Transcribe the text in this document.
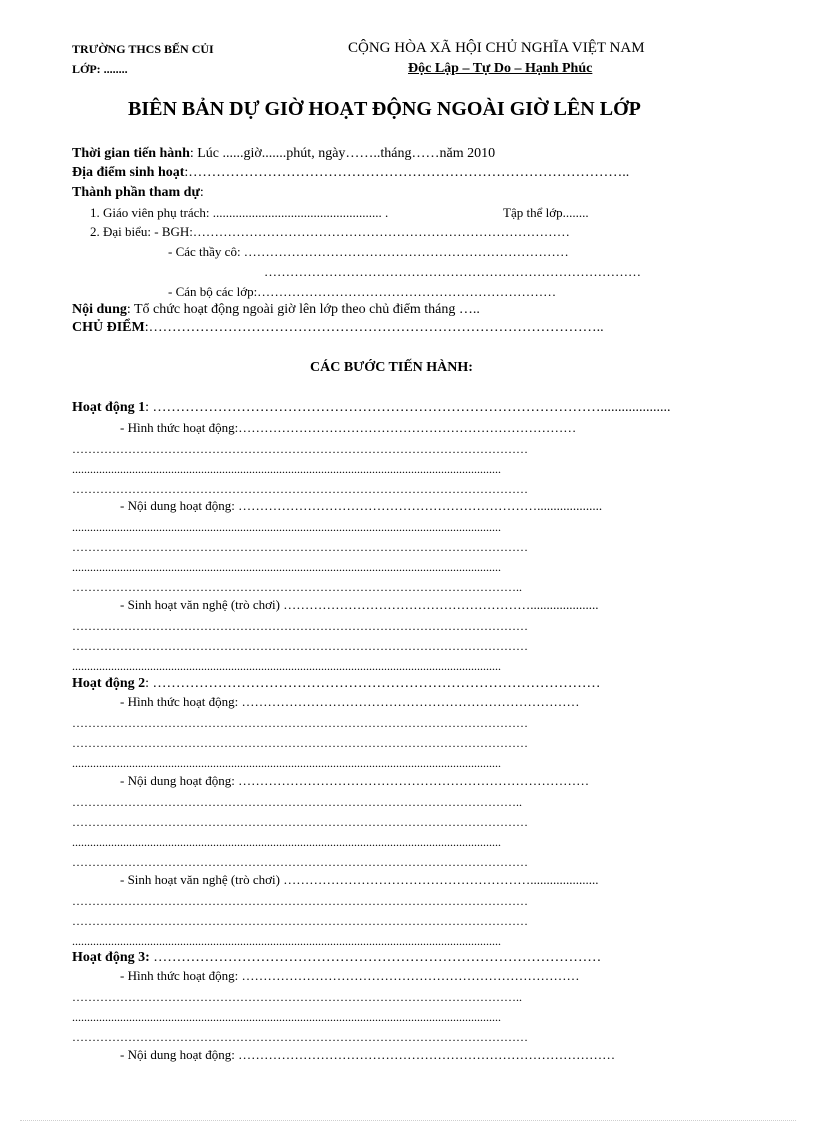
TRƯỜNG THCS BẾN CỦI
LỚP: ........
CỘNG HÒA XÃ HỘI CHỦ NGHĨA VIỆT NAM
Độc Lập – Tự Do – Hạnh Phúc
BIÊN BẢN DỰ GIỜ HOẠT ĐỘNG NGOÀI GIỜ LÊN LỚP
Thời gian tiến hành: Lúc ......giờ.......phút, ngày……..tháng……năm 2010
Địa điểm sinh hoạt:…………………………………………………………………………………..
Thành phần tham dự:
1. Giáo viên phụ trách: .................................................... .	Tập thể lớp........
2. Đại biểu: - BGH:……………………………………………………………………………
- Các thầy cô: …………………………………………………………………
……………………………………………………………………………
- Cán bộ các lớp:……………………………………………………………
Nội dung: Tổ chức hoạt động ngoài giờ lên lớp theo chủ điểm tháng …..
CHỦ ĐIỂM:……………………………………………………………………………………..
CÁC BƯỚC TIẾN HÀNH:
Hoạt động 1: ……………………………………………………………………………………....................
- Hình thức hoạt động:……………………………………………………………………
……………………………………………………………………………………………………
...............................................................................................................................................
……………………………………………………………………………………………………
- Nội dung hoạt động: ……………………………………………………………....................
...............................................................................................................................................
……………………………………………………………………………………………………
...............................................................................................................................................
…………………………………………………………………………………………………..
- Sinh hoạt văn nghệ (trò chơi) ………………………………………………….....................
……………………………………………………………………………………………………
……………………………………………………………………………………………………
...............................................................................................................................................
Hoạt động 2: ……………………………………………………………………………………
- Hình thức hoạt động: ……………………………………………………………………
……………………………………………………………………………………………………
……………………………………………………………………………………………………
...............................................................................................................................................
- Nội dung hoạt động: ………………………………………………………………………
…………………………………………………………………………………………………..
……………………………………………………………………………………………………
...............................................................................................................................................
……………………………………………………………………………………………………
- Sinh hoạt văn nghệ (trò chơi) ………………………………………………….....................
……………………………………………………………………………………………………
……………………………………………………………………………………………………
...............................................................................................................................................
Hoạt động 3: ……………………………………………………………………………………
- Hình thức hoạt động: ……………………………………………………………………
…………………………………………………………………………………………………..
...............................................................................................................................................
……………………………………………………………………………………………………
- Nội dung hoạt động: ……………………………………………………………………………
